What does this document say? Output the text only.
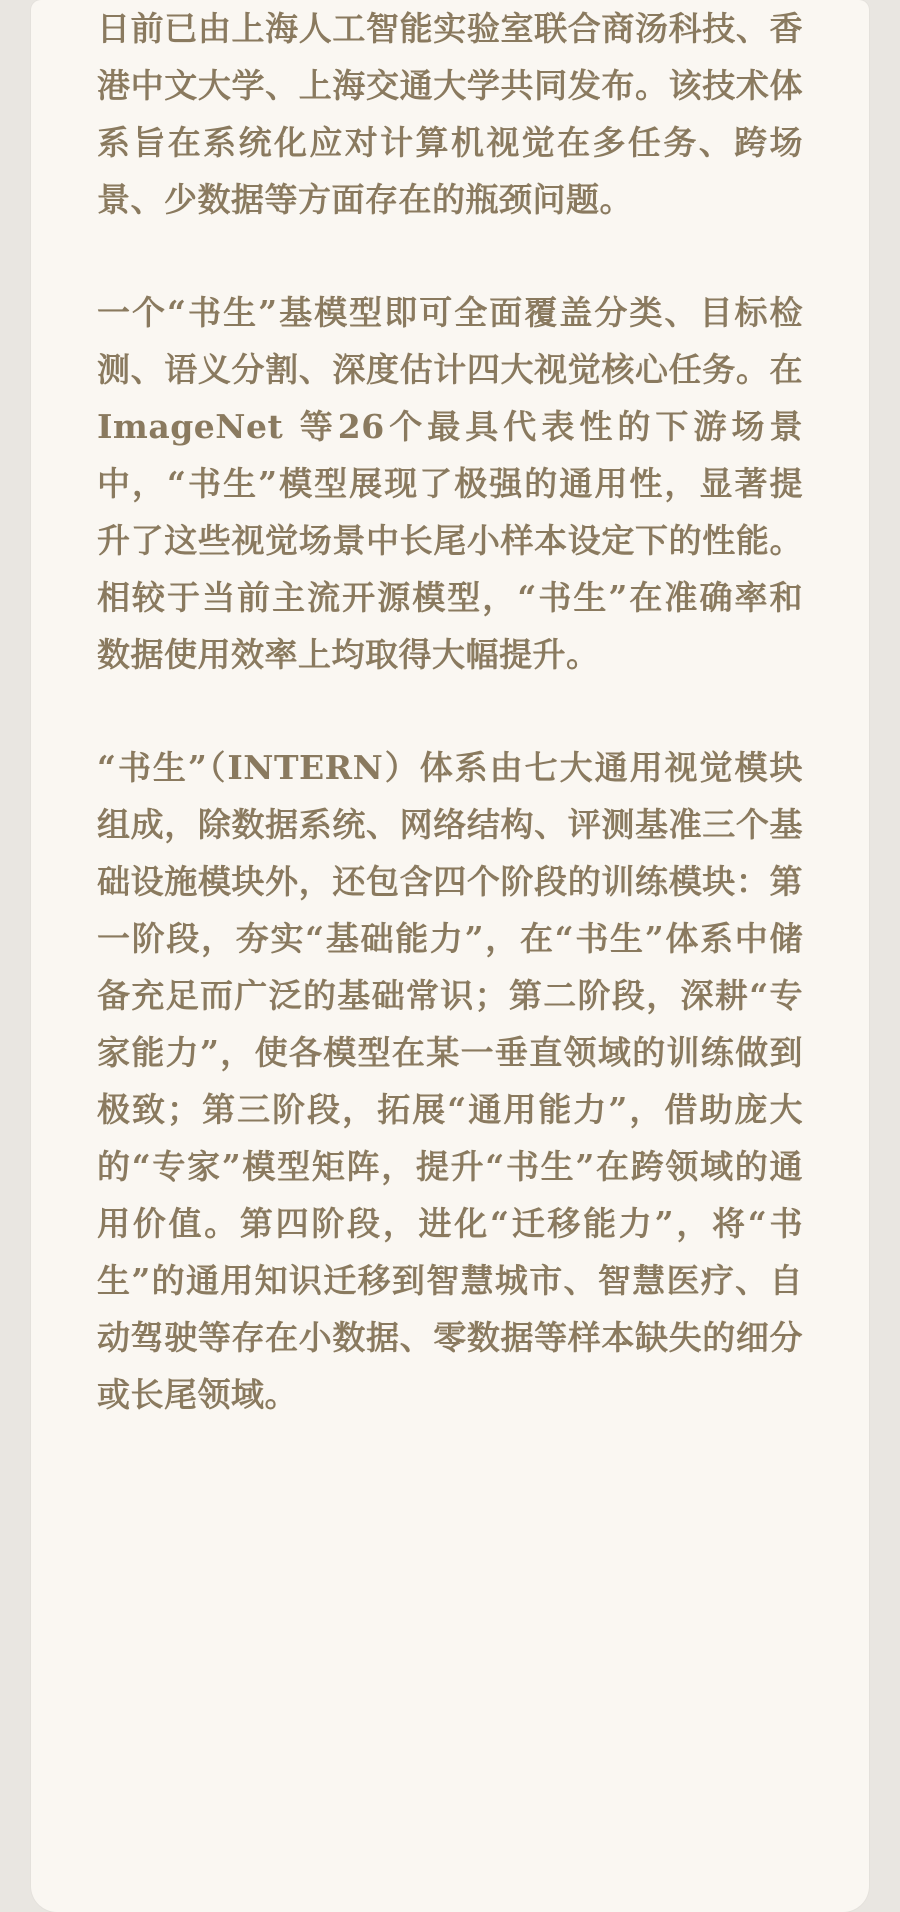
日前已由上海人工智能实验室联合商汤科技、香港中文大学、上海交通大学共同发布。该技术体系旨在系统化应对计算机视觉在多任务、跨场景、少数据等方面存在的瓶颈问题。

一个“书生”基模型即可全面覆盖分类、目标检测、语义分割、深度估计四大视觉核心任务。在 ImageNet 等26个最具代表性的下游场景中，“书生”模型展现了极强的通用性，显著提升了这些视觉场景中长尾小样本设定下的性能。相较于当前主流开源模型，“书生”在准确率和数据使用效率上均取得大幅提升。

“书生”（INTERN）体系由七大通用视觉模块组成，除数据系统、网络结构、评测基准三个基础设施模块外，还包含四个阶段的训练模块：第一阶段，夯实“基础能力”，在“书生”体系中储备充足而广泛的基础常识；第二阶段，深耕“专家能力”，使各模型在某一垂直领域的训练做到极致；第三阶段，拓展“通用能力”，借助庞大的“专家”模型矩阵，提升“书生”在跨领域的通用价值。第四阶段，进化“迁移能力”，将“书生”的通用知识迁移到智慧城市、智慧医疗、自动驾驶等存在小数据、零数据等样本缺失的细分或长尾领域。
